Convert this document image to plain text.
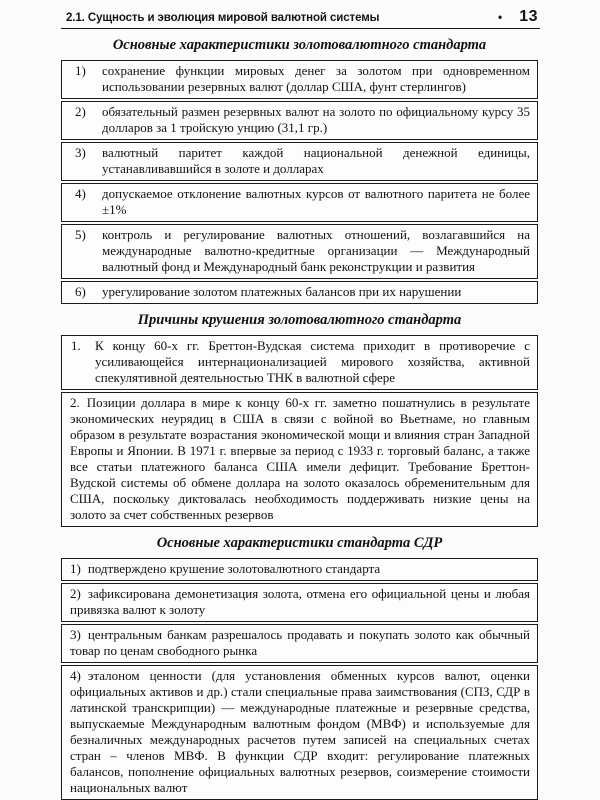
2.1. Сущность и эволюция мировой валютной системы	• 13
Основные характеристики золотовалютного стандарта
1) сохранение функции мировых денег за золотом при одновременном использовании резервных валют (доллар США, фунт стерлингов)
2) обязательный размен резервных валют на золото по официальному курсу 35 долларов за 1 тройскую унцию (31,1 гр.)
3) валютный паритет каждой национальной денежной единицы, устанавливавшийся в золоте и долларах
4) допускаемое отклонение валютных курсов от валютного паритета не более ±1%
5) контроль и регулирование валютных отношений, возлагавшийся на международные валютно-кредитные организации — Международный валютный фонд и Международный банк реконструкции и развития
6) урегулирование золотом платежных балансов при их нарушении
Причины крушения золотовалютного стандарта
1. К концу 60-х гг. Бреттон-Вудская система приходит в противоречие с усиливающейся интернационализацией мирового хозяйства, активной спекулятивной деятельностью ТНК в валютной сфере
2. Позиции доллара в мире к концу 60-х гг. заметно пошатнулись в результате экономических неурядиц в США в связи с войной во Вьетнаме, но главным образом в результате возрастания экономической мощи и влияния стран Западной Европы и Японии. В 1971 г. впервые за период с 1933 г. торговый баланс, а также все статьи платежного баланса США имели дефицит. Требование Бреттон-Вудской системы об обмене доллара на золото оказалось обременительным для США, поскольку диктовалась необходимость поддерживать низкие цены на золото за счет собственных резервов
Основные характеристики стандарта СДР
1) подтверждено крушение золотовалютного стандарта
2) зафиксирована демонетизация золота, отмена его официальной цены и любая привязка валют к золоту
3) центральным банкам разрешалось продавать и покупать золото как обычный товар по ценам свободного рынка
4) эталоном ценности (для установления обменных курсов валют, оценки официальных активов и др.) стали специальные права заимствования (СПЗ, СДР в латинской транскрипции) — международные платежные и резервные средства, выпускаемые Международным валютным фондом (МВФ) и используемые для безналичных международных расчетов путем записей на специальных счетах стран – членов МВФ. В функции СДР входит: регулирование платежных балансов, пополнение официальных валютных резервов, соизмерение стоимости национальных валют
